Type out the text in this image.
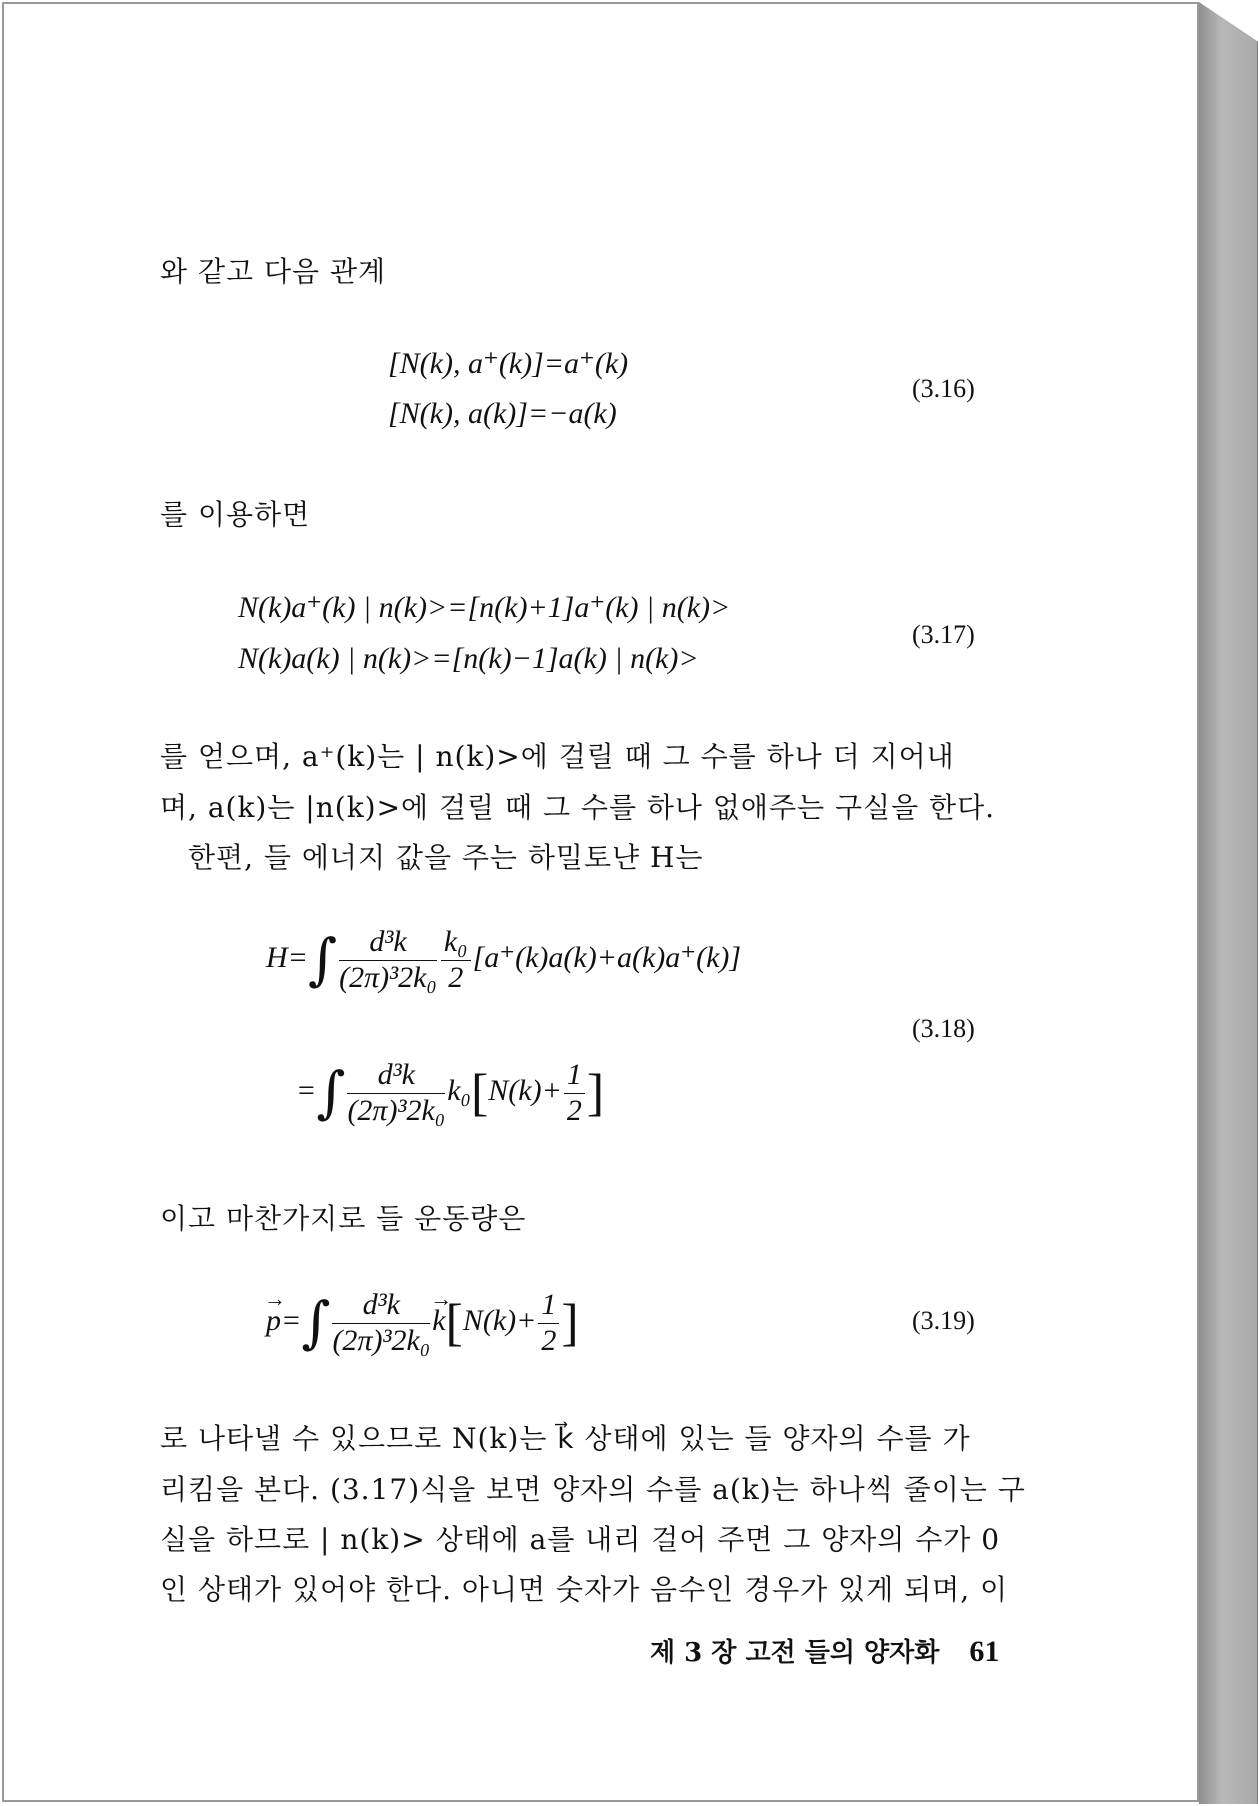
와 같고 다음 관계
[N(k), a⁺(k)]=a⁺(k)
[N(k), a(k)]=−a(k)
(3.16)
를 이용하면
N(k)a⁺(k) | n(k)>=[n(k)+1]a⁺(k) | n(k)>
N(k)a(k) | n(k)>=[n(k)−1]a(k) | n(k)>
(3.17)
를 얻으며, a⁺(k)는 | n(k)>에 걸릴 때 그 수를 하나 더 지어내
며, a(k)는 |n(k)>에 걸릴 때 그 수를 하나 없애주는 구실을 한다.
한편, 들 에너지 값을 주는 하밀토냔 H는
$H=\int \frac{\text{d³k}}{\text{(2π)³2k₀}} \frac{\text{k₀}}{2} [a^+(k)a(k)+a(k)a^+(k)]$
(3.18)
=∫ $\frac{\text{d³k}}{\text{(2π)³2k₀}} k_0[N(k)+ \frac{1}{2}$ ]
이고 마찬가지로 들 운동량은
→ $p=\int \frac{\text{d³k}}{\text{(2π)³2k₀}}$
→ $k[N(k)+ \frac{1}{2}$ ]	(3.19)
로 나타낼 수 있으므로 N(k)는 k⃗ 상태에 있는 들 양자의 수를 가
리킴을 본다. (3.17)식을 보면 양자의 수를 a(k)는 하나씩 줄이는 구
실을 하므로 | n(k)> 상태에 a를 내리 걸어 주면 그 양자의 수가 0
인 상태가 있어야 한다. 아니면 숫자가 음수인 경우가 있게 되며, 이
제 3 장 고전 들의 양자화 61
